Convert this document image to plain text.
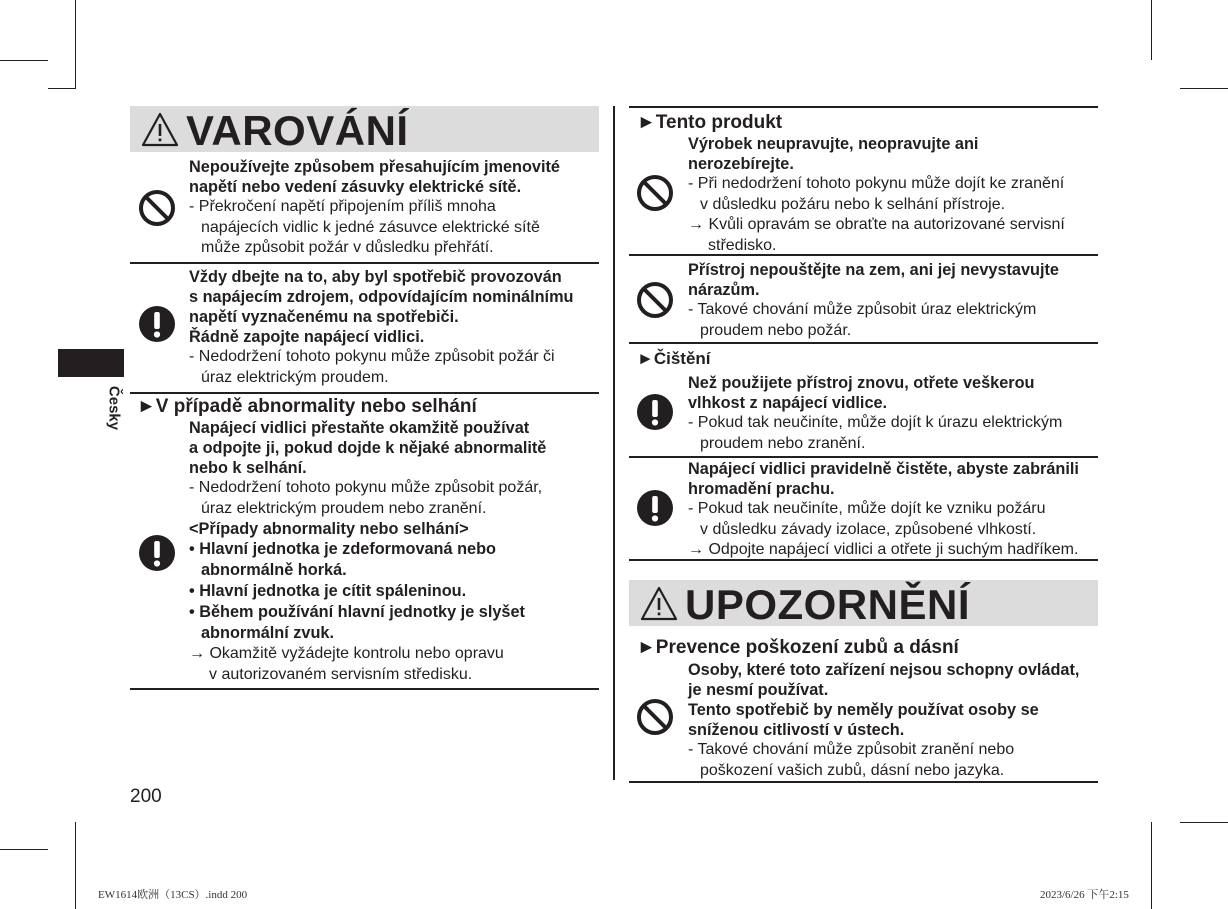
Česky
VAROVÁNÍ
Nepoužívejte způsobem přesahujícím jmenovité
napětí nebo vedení zásuvky elektrické sítě.
- Překročení napětí připojením příliš mnoha
napájecích vidlic k jedné zásuvce elektrické sítě
může způsobit požár v důsledku přehřátí.
Vždy dbejte na to, aby byl spotřebič provozován
s napájecím zdrojem, odpovídajícím nominálnímu
napětí vyznačenému na spotřebiči.
Řádně zapojte napájecí vidlici.
- Nedodržení tohoto pokynu může způsobit požár či
úraz elektrickým proudem.
►V případě abnormality nebo selhání
Napájecí vidlici přestaňte okamžitě používat
a odpojte ji, pokud dojde k nějaké abnormalitě
nebo k selhání.
- Nedodržení tohoto pokynu může způsobit požár,
úraz elektrickým proudem nebo zranění.
<Případy abnormality nebo selhání>
• Hlavní jednotka je zdeformovaná nebo
abnormálně horká.
• Hlavní jednotka je cítit spáleninou.
• Během používání hlavní jednotky je slyšet
abnormální zvuk.
→ Okamžitě vyžádejte kontrolu nebo opravu
v autorizovaném servisním středisku.
►Tento produkt
Výrobek neupravujte, neopravujte ani
nerozebírejte.
- Při nedodržení tohoto pokynu může dojít ke zranění
v důsledku požáru nebo k selhání přístroje.
→ Kvůli opravám se obraťte na autorizované servisní
středisko.
Přístroj nepouštějte na zem, ani jej nevystavujte
nárazům.
- Takové chování může způsobit úraz elektrickým
proudem nebo požár.
►Čištění
Než použijete přístroj znovu, otřete veškerou
vlhkost z napájecí vidlice.
- Pokud tak neučiníte, může dojít k úrazu elektrickým
proudem nebo zranění.
Napájecí vidlici pravidelně čistěte, abyste zabránili
hromadění prachu.
- Pokud tak neučiníte, může dojít ke vzniku požáru
v důsledku závady izolace, způsobené vlhkostí.
→ Odpojte napájecí vidlici a otřete ji suchým hadříkem.
UPOZORNĚNÍ
►Prevence poškození zubů a dásní
Osoby, které toto zařízení nejsou schopny ovládat,
je nesmí používat.
Tento spotřebič by neměly používat osoby se
sníženou citlivostí v ústech.
- Takové chování může způsobit zranění nebo
poškození vašich zubů, dásní nebo jazyka.
200
EW1614欧洲（13CS）.indd 200	2023/6/26 下午2:15
